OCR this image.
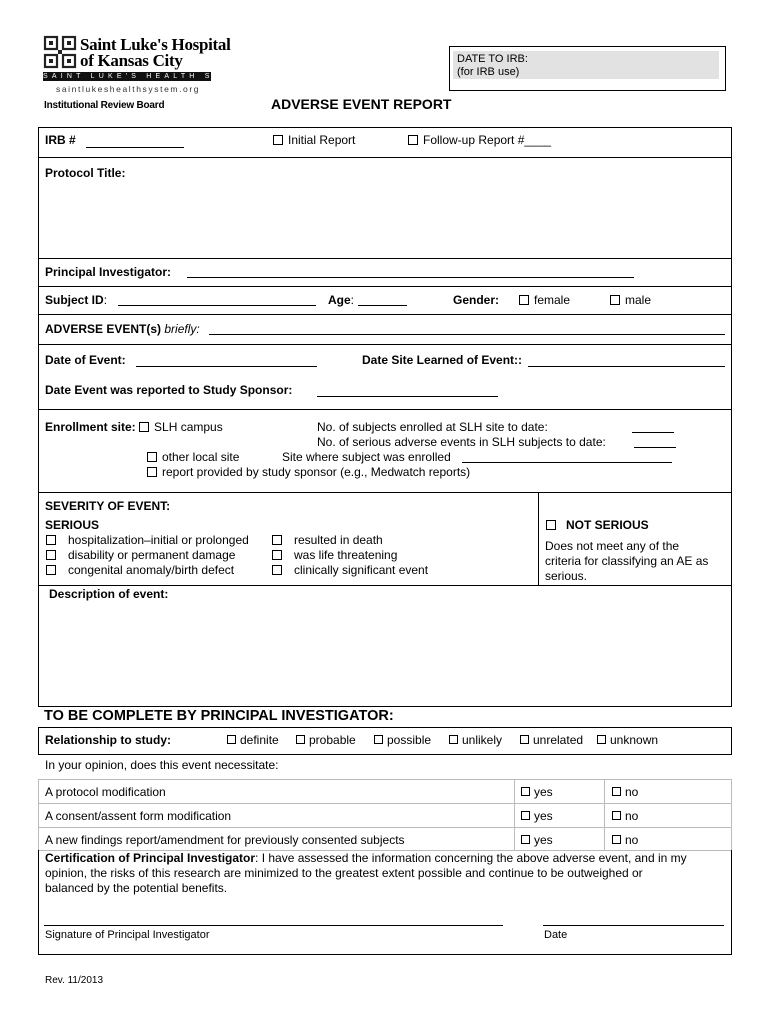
Saint Luke's Hospital
of Kansas City
SAINT LUKE'S HEALTH SYSTEM
saintlukeshealthsystem.org
Institutional Review Board	ADVERSE EVENT REPORT
DATE TO IRB:
(for IRB use)
IRB #	Initial Report	Follow-up Report #____
Protocol Title:
Principal Investigator:
Subject ID:	Age:	Gender:	female	male
ADVERSE EVENT(s) briefly:
Date of Event:	Date Site Learned of Event::
Date Event was reported to Study Sponsor:
Enrollment site: SLH campus	No. of subjects enrolled at SLH site to date:
No. of serious adverse events in SLH subjects to date:
other local site	Site where subject was enrolled
report provided by study sponsor (e.g., Medwatch reports)
SEVERITY OF EVENT:
SERIOUS
hospitalization–initial or prolonged
disability or permanent damage
congenital anomaly/birth defect
resulted in death
was life threatening
clinically significant event
NOT SERIOUS
Does not meet any of the
criteria for classifying an AE as
serious.
Description of event:
TO BE COMPLETE BY PRINCIPAL INVESTIGATOR:
Relationship to study:	definite	probable	possible	unlikely	unrelated	unknown
In your opinion, does this event necessitate:
A protocol modification	yes	no
A consent/assent form modification	yes	no
A new findings report/amendment for previously consented subjects	yes	no
Certification of Principal Investigator: I have assessed the information concerning the above adverse event, and in my
opinion, the risks of this research are minimized to the greatest extent possible and continue to be outweighed or
balanced by the potential benefits.
Signature of Principal Investigator	Date
Rev. 11/2013
